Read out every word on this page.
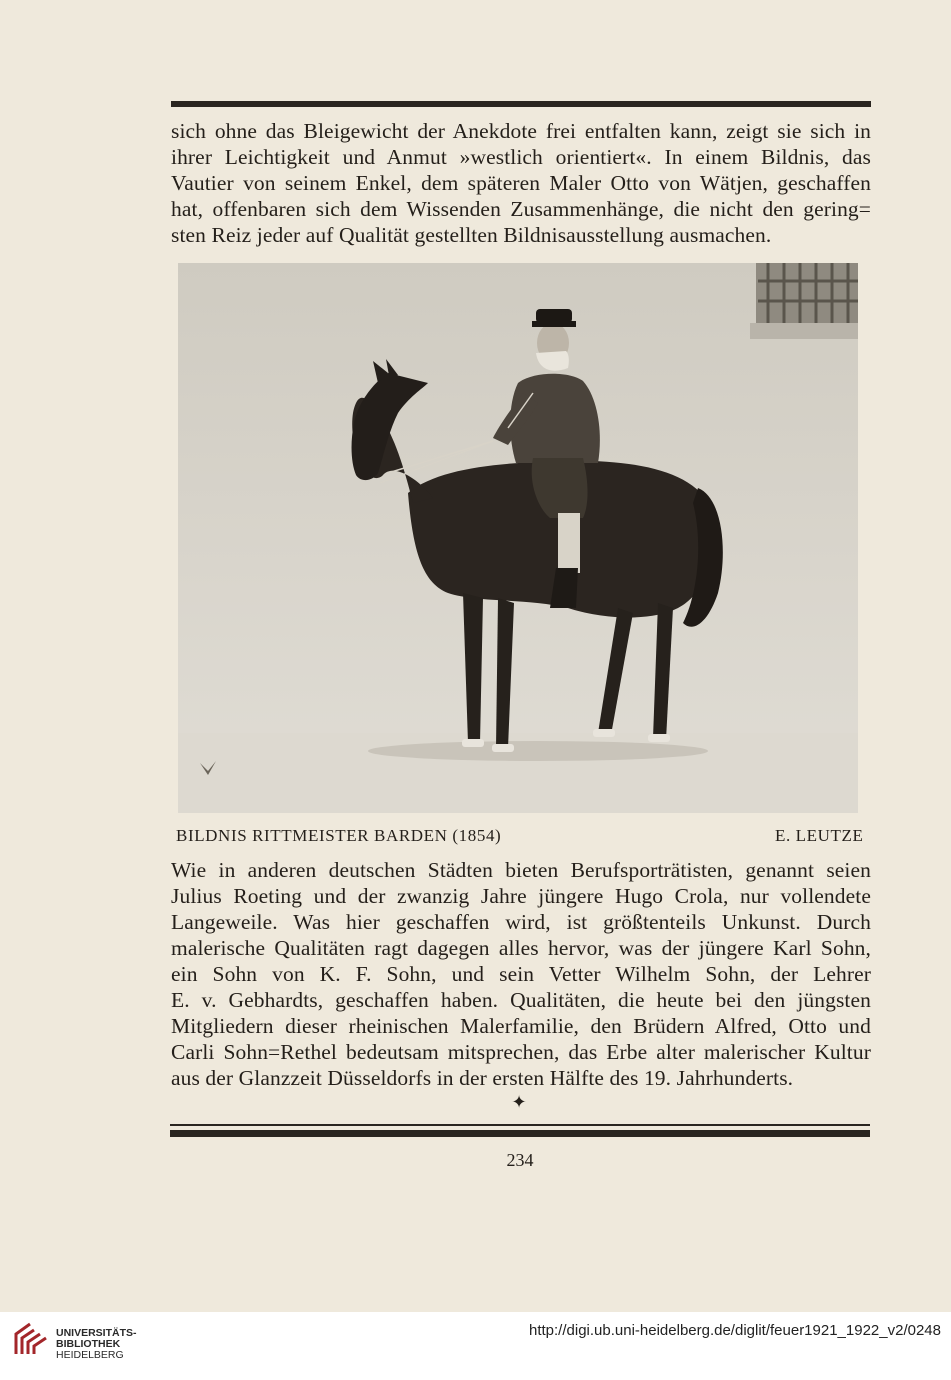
sich ohne das Bleigewicht der Anekdote frei entfalten kann, zeigt sie sich in
ihrer Leichtigkeit und Anmut »westlich orientiert«. In einem Bildnis, das
Vautier von seinem Enkel, dem späteren Maler Otto von Wätjen, geschaffen
hat, offenbaren sich dem Wissenden Zusammenhänge, die nicht den gering=
sten Reiz jeder auf Qualität gestellten Bildnisausstellung ausmachen.
BILDNIS RITTMEISTER BARDEN (1854)	E. LEUTZE
Wie in anderen deutschen Städten bieten Berufsporträtisten, genannt seien
Julius Roeting und der zwanzig Jahre jüngere Hugo Crola, nur vollendete
Langeweile. Was hier geschaffen wird, ist größtenteils Unkunst. Durch
malerische Qualitäten ragt dagegen alles hervor, was der jüngere Karl Sohn,
ein Sohn von K. F. Sohn, und sein Vetter Wilhelm Sohn, der Lehrer
E. v. Gebhardts, geschaffen haben. Qualitäten, die heute bei den jüngsten
Mitgliedern dieser rheinischen Malerfamilie, den Brüdern Alfred, Otto und
Carli Sohn=Rethel bedeutsam mitsprechen, das Erbe alter malerischer Kultur
aus der Glanzzeit Düsseldorfs in der ersten Hälfte des 19. Jahrhunderts.
✦
234
UNIVERSITÄTS-
BIBLIOTHEK
HEIDELBERG
http://digi.ub.uni-heidelberg.de/diglit/feuer1921_1922_v2/0248
